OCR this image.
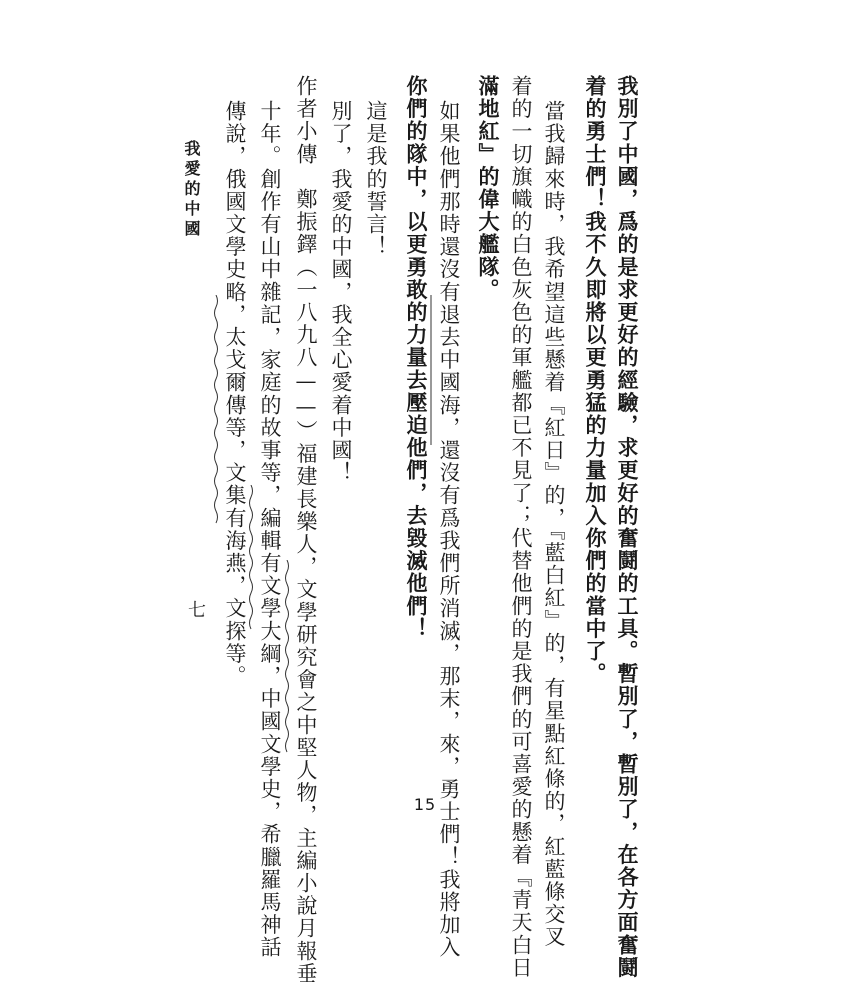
我別了中國，爲的是求更好的經驗，求更好的奮鬪的工具。暫別了，暫別了，在各方面奮鬪
着的勇士們！我不久即將以更勇猛的力量加入你們的當中了。
當我歸來時，我希望這些懸着『紅日』的，『藍白紅』的，有星點紅條的，紅藍條交叉
着的一切旗幟的白色灰色的軍艦都已不見了；代替他們的是我們的可喜愛的懸着『青天白日
滿地紅』的偉大艦隊。
如果他們那時還沒有退去中國海，還沒有爲我們所消滅，那末，來，勇士們！我將加入
你們的隊中，以更勇敢的力量去壓迫他們，去毀滅他們！
這是我的誓言！
別了，我愛的中國，我全心愛着中國！
作者小傳　鄭振鐸（一八九八——）福建長樂人，文學研究會之中堅人物，主編小說月報垂
十年。創作有山中雜記，家庭的故事等，編輯有文學大綱，中國文學史，希臘羅馬神話
傳說，俄國文學史略，太戈爾傳等，文集有海燕，文探等。
我愛的中國
七
15
